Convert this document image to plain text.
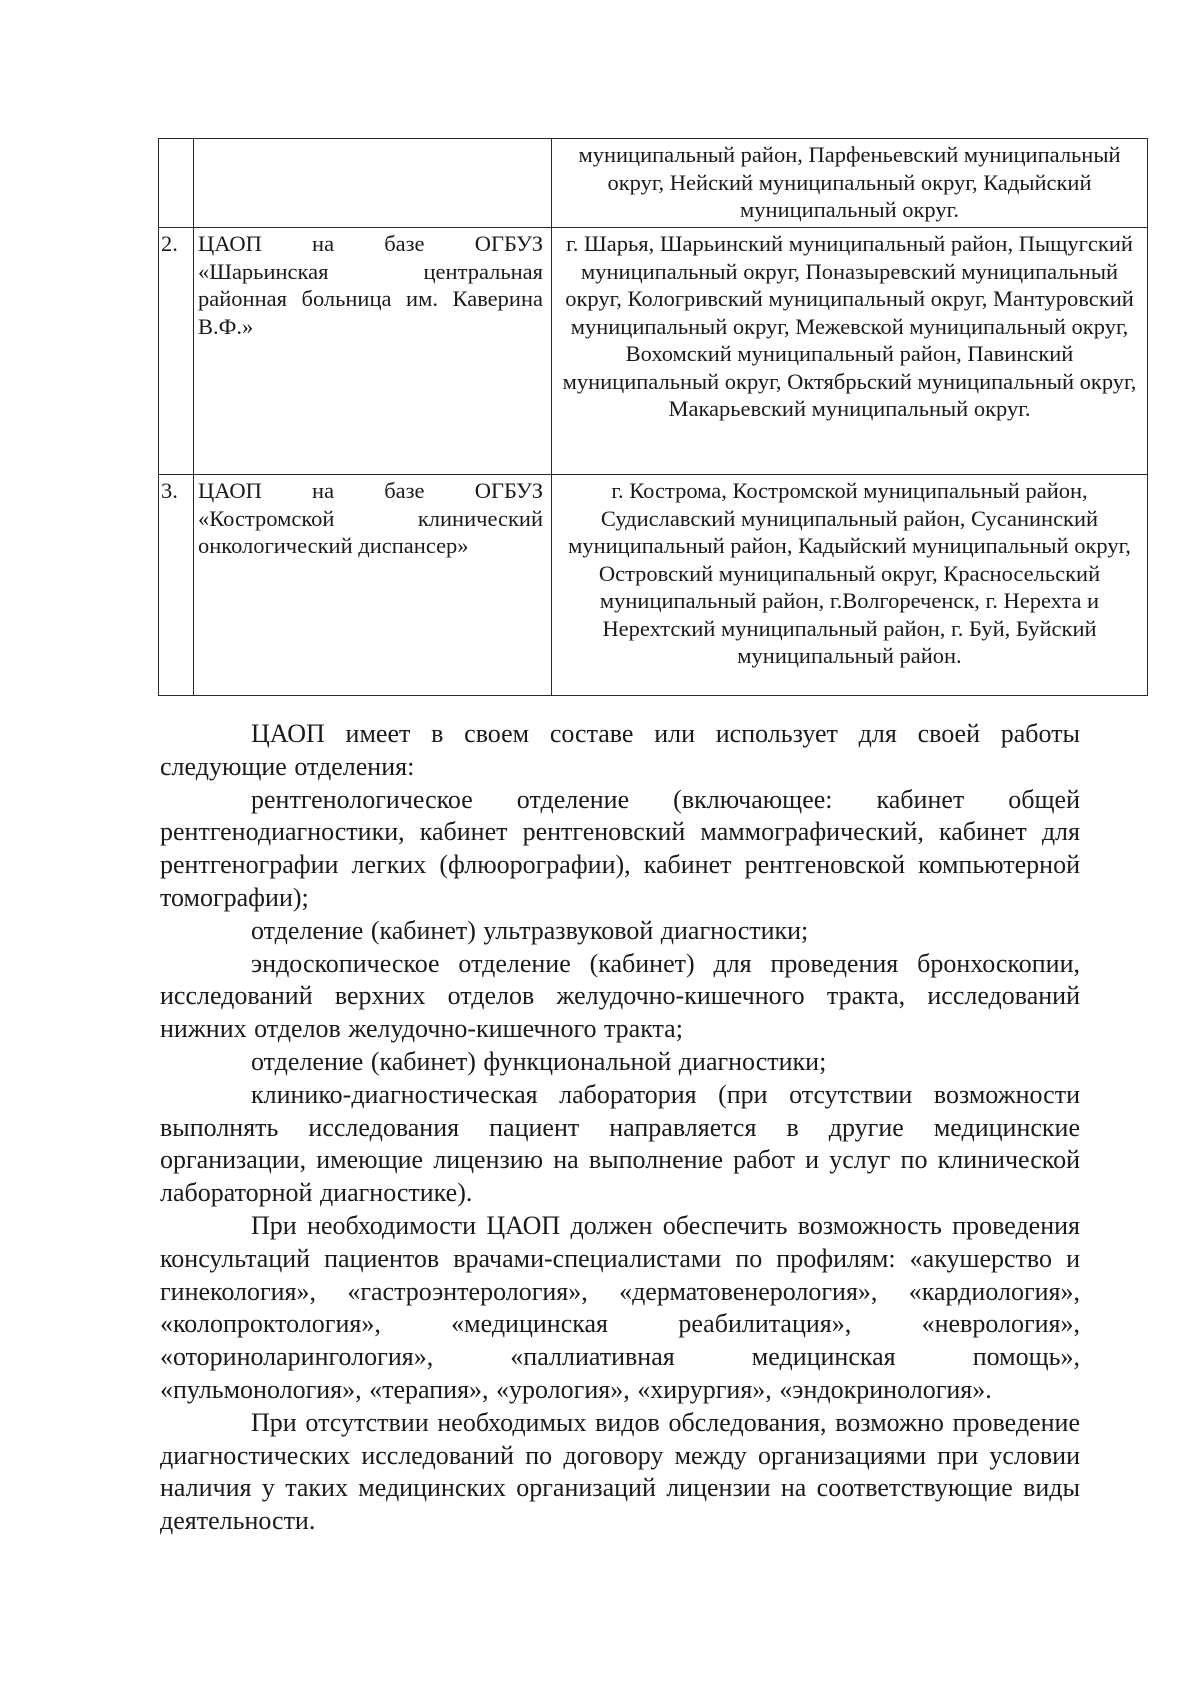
		муниципальный район, Парфеньевский муниципальный округ, Нейский муниципальный округ, Кадыйский муниципальный округ.
2.	ЦАОП на базе ОГБУЗ «Шарьинская центральная районная больница им. Каверина В.Ф.»	г. Шарья, Шарьинский муниципальный район, Пыщугский муниципальный округ, Поназыревский муниципальный округ, Кологривский муниципальный округ, Мантуровский муниципальный округ, Межевской муниципальный округ, Вохомский муниципальный район, Павинский муниципальный округ, Октябрьский муниципальный округ, Макарьевский муниципальный округ.
3.	ЦАОП на базе ОГБУЗ «Костромской клинический онкологический диспансер»	г. Кострома, Костромской муниципальный район, Судиславский муниципальный район, Сусанинский муниципальный район, Кадыйский муниципальный округ, Островский муниципальный округ, Красносельский муниципальный район, г.Волгореченск, г. Нерехта и Нерехтский муниципальный район, г. Буй, Буйский муниципальный район.

ЦАОП имеет в своем составе или использует для своей работы следующие отделения:

рентгенологическое отделение (включающее: кабинет общей рентгенодиагностики, кабинет рентгеновский маммографический, кабинет для рентгенографии легких (флюорографии), кабинет рентгеновской компьютерной томографии);

отделение (кабинет) ультразвуковой диагностики;

эндоскопическое отделение (кабинет) для проведения бронхоскопии, исследований верхних отделов желудочно-кишечного тракта, исследований нижних отделов желудочно-кишечного тракта;

отделение (кабинет) функциональной диагностики;

клинико-диагностическая лаборатория (при отсутствии возможности выполнять исследования пациент направляется в другие медицинские организации, имеющие лицензию на выполнение работ и услуг по клинической лабораторной диагностике).

При необходимости ЦАОП должен обеспечить возможность проведения консультаций пациентов врачами-специалистами по профилям: «акушерство и гинекология», «гастроэнтерология», «дерматовенерология», «кардиология», «колопроктология», «медицинская реабилитация», «неврология», «оториноларингология», «паллиативная медицинская помощь», «пульмонология», «терапия», «урология», «хирургия», «эндокринология».

При отсутствии необходимых видов обследования, возможно проведение диагностических исследований по договору между организациями при условии наличия у таких медицинских организаций лицензии на соответствующие виды деятельности.
